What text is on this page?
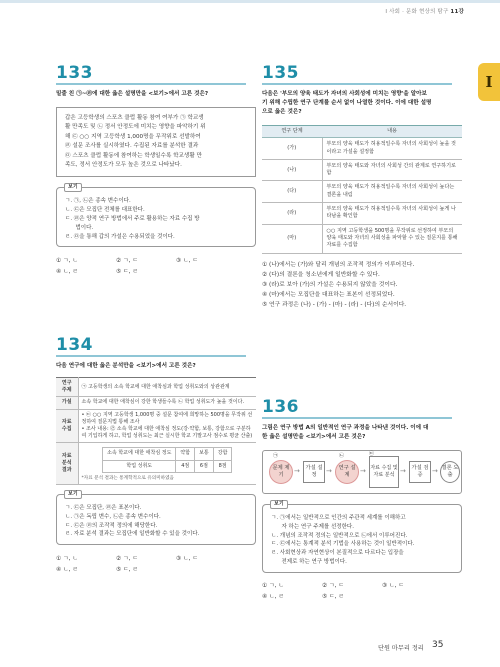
Ⅰ 사회 · 문화 현상의 탐구 11강
I
133
밑줄 친 ㉠~㉣에 대한 옳은 설명만을 <보기>에서 고른 것은?
갑은 고등학생의 스포츠 클럽 활동 참여 여부가 ㉠ 학교생
활 만족도 및 ㉡ 정서 안정도에 미치는 영향을 파악하기 위
해 ㉢ ○○ 지역 고등학생 1,000명을 무작위로 선발하여
㉣ 설문 조사를 실시하였다. 수집된 자료를 분석한 결과
㉤ 스포츠 클럽 활동에 참여하는 학생일수록 학교생활 만
족도, 정서 안정도가 모두 높은 것으로 나타났다.
보기
ㄱ. ㉠, ㉡은 종속 변수이다.
ㄴ. ㉢은 모집단 전체를 대표한다.
ㄷ. ㉣은 양적 연구 방법에서 주로 활용하는 자료 수집 방
법이다.
ㄹ. ㉤을 통해 갑의 가설은 수용되었을 것이다.
① ㄱ, ㄴ	② ㄱ, ㄷ	③ ㄴ, ㄷ
④ ㄴ, ㄹ	⑤ ㄷ, ㄹ
134
다음 연구에 대한 옳은 분석만을 <보기>에서 고른 것은?
연구 주제	㉠ 고등학생의 소속 학교에 대한 애착심과 학업 성취도와의 상관관계
가설	소속 학교에 대한 애착심이 강한 학생들수록 ㉡ 학업 성취도가 높을 것이다.
자료 수집	• ㉢ ○○ 지역 고등학생 1,000명 중 설문 참여에 희망하는 500명을 무작위 선정하여 질문지법 통해 조사
• 조사 내용: ㉣ 소속 학교에 대한 애착심 정도(강·약함, 보통, 강함으로 구분하여 기입하게 하고, 학업 성취도는 최근 실시한 학교 기말고사 점수로 평균 산출)
자료 분석 결과	
소속 학교에 대한 애착심 정도	약함	보통	강함
학업 성취도	4점	6점	8점
*자료 분석 결과는 통계학적으로 유의미하였음
보기
ㄱ. ㉢은 모집단, ㉣은 표본이다.
ㄴ. ㉠은 독립 변수, ㉡은 종속 변수이다.
ㄷ. ㉢은 ㉣의 조작적 정의에 해당한다.
ㄹ. 자료 분석 결과는 모집단에 일반화할 수 있을 것이다.
① ㄱ, ㄴ	② ㄱ, ㄷ	③ ㄴ, ㄷ
④ ㄴ, ㄹ	⑤ ㄷ, ㄹ
135
다음은 '부모의 양육 태도가 자녀의 사회성에 미치는 영향'을 알아보
기 위해 수립한 연구 단계를 순서 없이 나열한 것이다. 이에 대한 설명
으로 옳은 것은?
연구 단계	내용
(가)	부모의 양육 태도가 허용적일수록 자녀의 사회성이 높을 것이라고 가설을 설정함
(나)	부모의 양육 태도와 자녀의 사회성 간의 관계로 연구하기로 함
(다)	부모의 양육 태도가 허용적일수록 자녀의 사회성이 높다는 결론을 내림
(라)	부모의 양육 태도가 허용적일수록 자녀의 사회성이 높게 나타남을 확인함
(마)	○○ 지역 고등학생을 500명을 무작위로 선정하여 부모의 양육 태도와 자녀의 사회성을 파악할 수 있는 질문지를 통해 자료를 수집함
① (나)에서는 (가)와 달리 개념의 조작적 정의가 이루어진다.
② (다)의 결론을 청소년에게 일반화할 수 있다.
③ (라)로 보아 (가)의 가설은 수용되지 않았을 것이다.
④ (마)에서는 모집단을 대표하는 표본이 선정되었다.
⑤ 연구 과정은 (나) - (가) - (마) - (라) - (다)의 순서이다.
136
그림은 연구 방법 A의 일반적인 연구 과정을 나타낸 것이다. 이에 대
한 옳은 설명만을 <보기>에서 고른 것은?
문제 제기
㉠
→	가설 설정	→	연구 설계
㉡
→ 자료 수집 및 자료 분석
㉢
→	가설 검증	→ 결론 도출
보기
ㄱ. ㉠에서는 일반적으로 인간의 주관적 세계를 이해하고
자 하는 연구 주제를 선정한다.
ㄴ. 개념의 조작적 정의는 일반적으로 ㉡에서 이루어진다.
ㄷ. ㉢에서는 통계적 분석 기법을 사용하는 것이 일반적이다.
ㄹ. 사회현상과 자연현상이 본질적으로 다르다는 입장을
전제로 하는 연구 방법이다.
① ㄱ, ㄴ	② ㄱ, ㄷ	③ ㄴ, ㄷ
④ ㄴ, ㄹ	⑤ ㄷ, ㄹ
단원 마무리 정리 35
